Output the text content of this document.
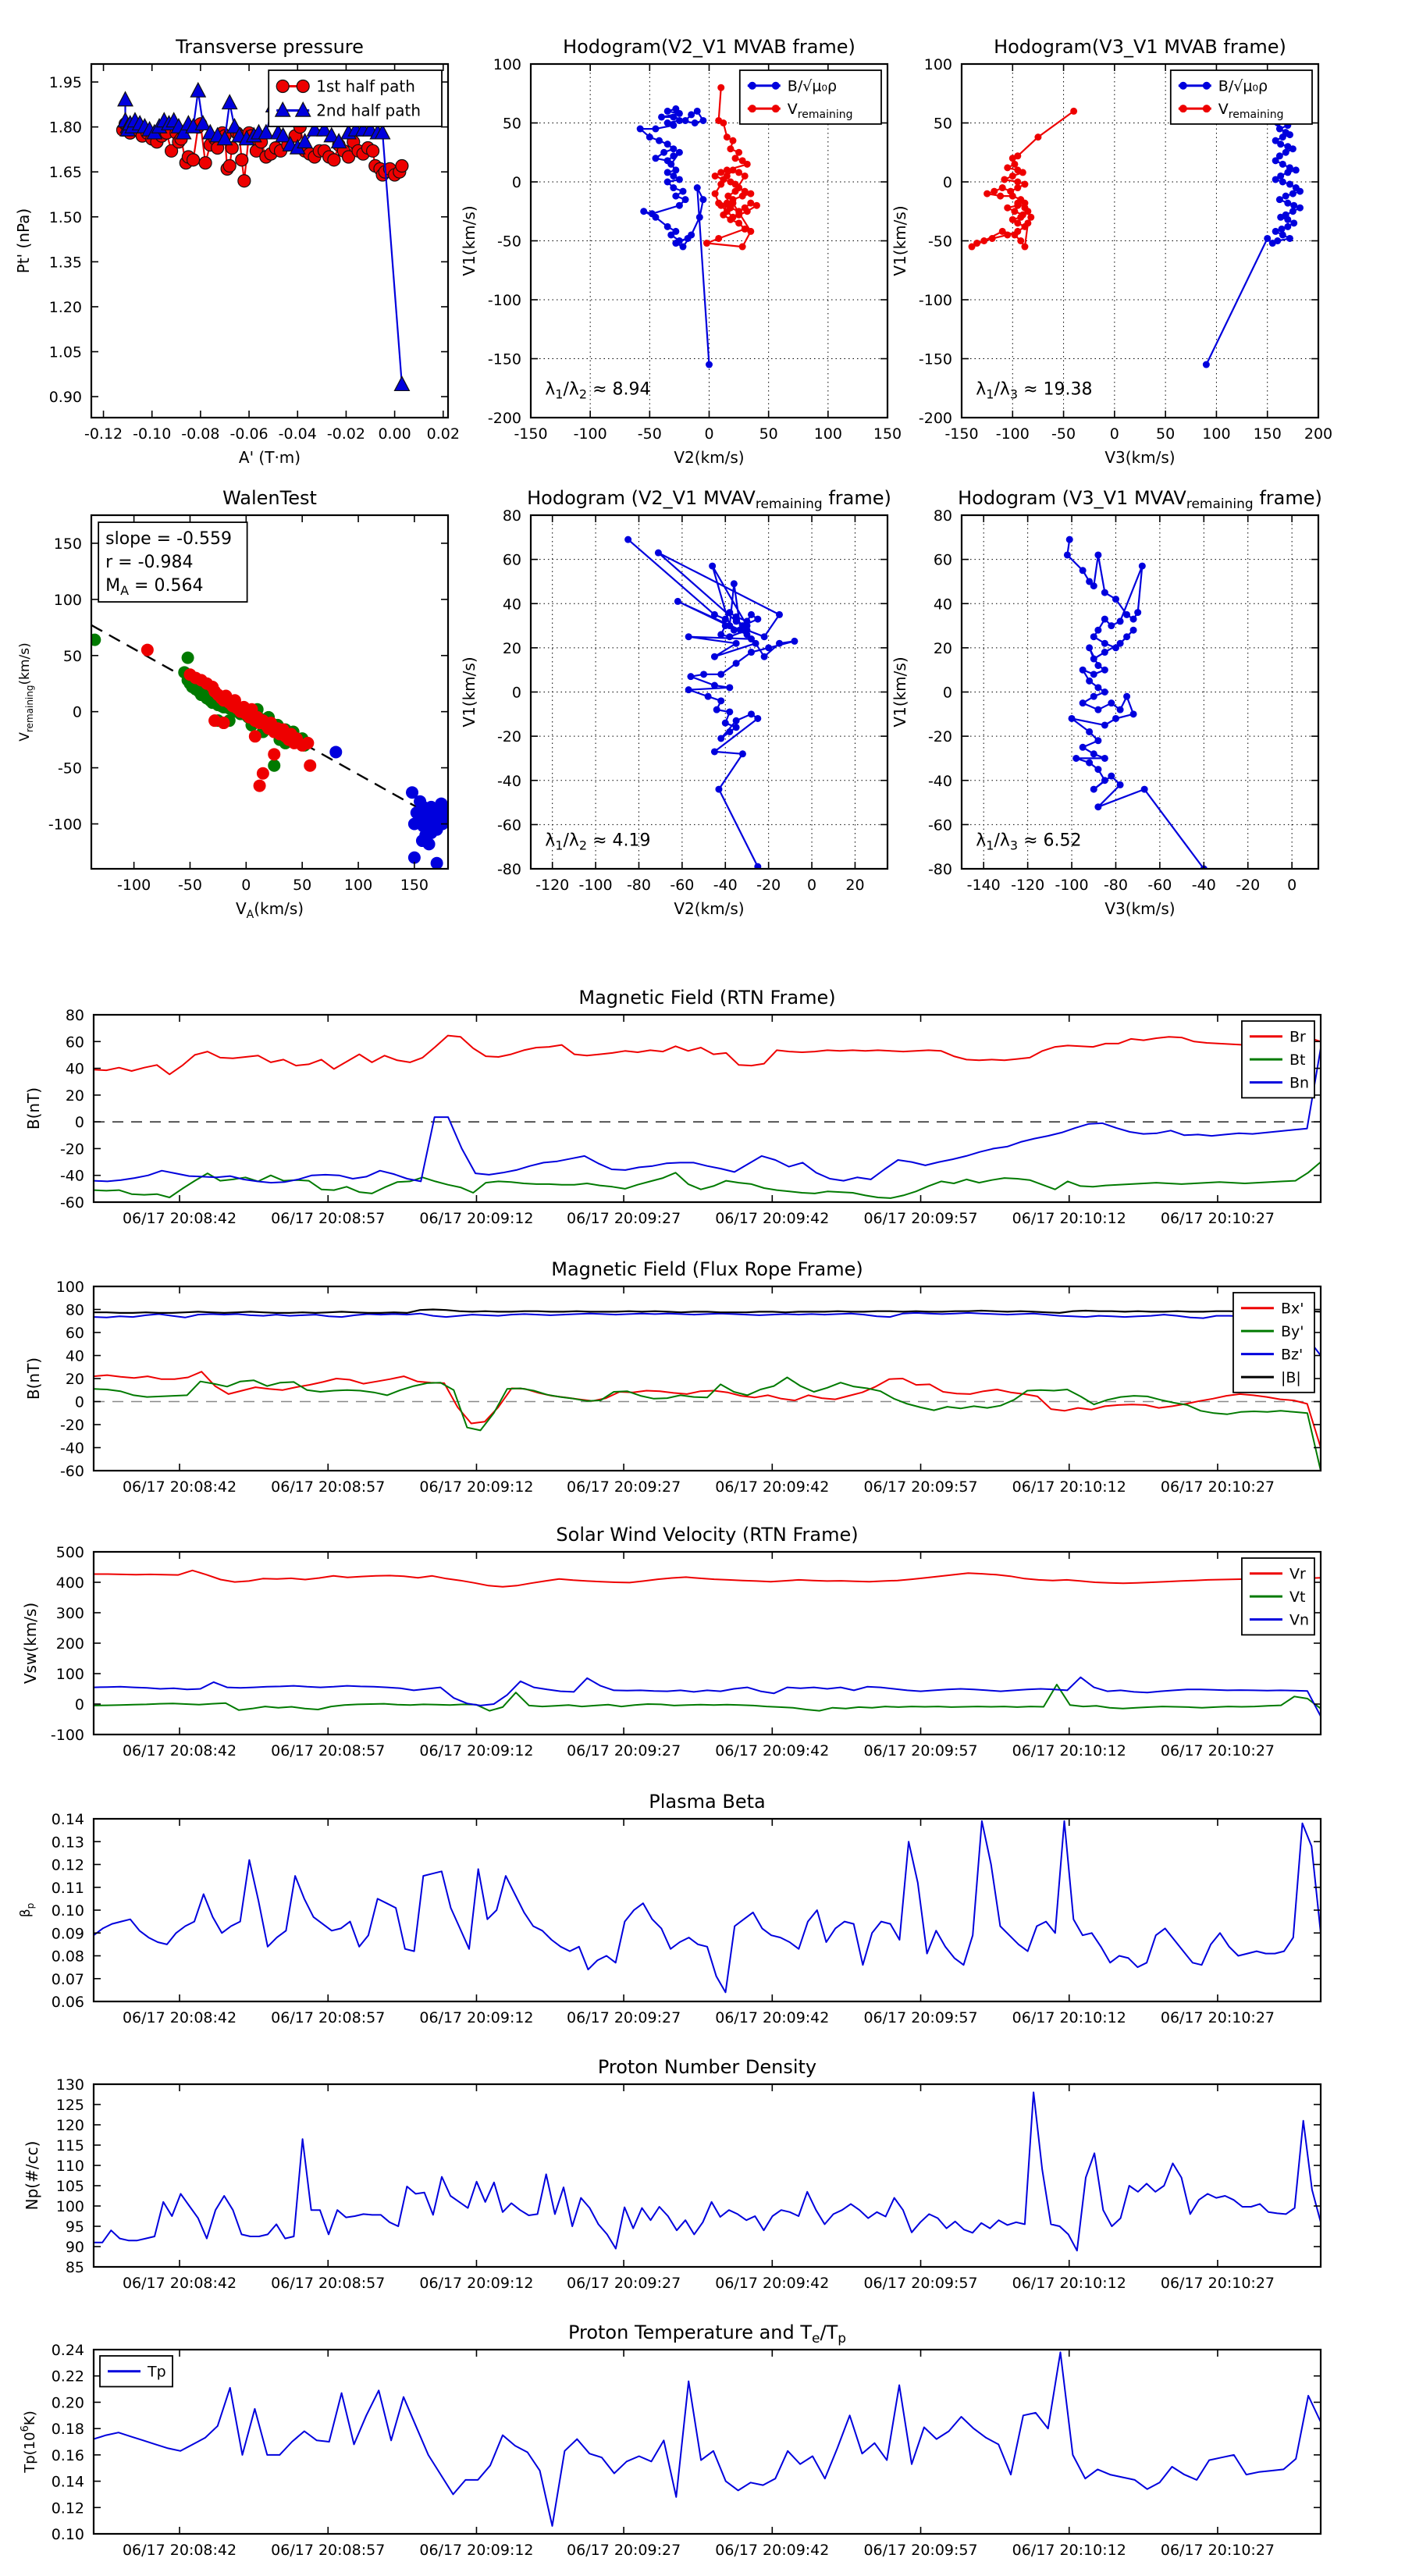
-0.12 -0.10 -0.08 -0.06 -0.04 -0.02 0.00 0.02
0.90
1.05
1.20
1.35
1.50
1.65
1.80
1.95
Transverse pressure
A' (T·m)
Pt' (nPa)
1st half path
2nd half path
-150 -100 -50	0	50 100 150
-200
-150
-100
-50
0
50
100
Hodogram(V2_V1 MVAB frame)
V2(km/s)
V1(km/s)
B/√μ₀ρ
$V_{remaining}$
$\lambda_1/\lambda_2 \approx 8.94$
-150 -100 -50 0 50 100 150 200
-200
-150
-100
-50
0
50
100
Hodogram(V3_V1 MVAB frame)
V3(km/s)
V1(km/s)
B/√μ₀ρ
$V_{remaining}$
$\lambda_1/\lambda_3 \approx 19.38$
-100 -50	0	50 100 150
-100
-50
0
50
100
150
WalenTest
$V_A(km/s)$
$V_{remaining}(km/s)$
slope = -0.559
r = -0.984
$M_A = 0.564$
-120 -100 -80 -60 -40 -20 0 20
-80
-60
-40
-20
0
20
40
60
80
Hodogram (V2_V1 $MVAV_{remaining}$ frame)
V2(km/s)
V1(km/s)
$\lambda_1/\lambda_2 \approx 4.19$
-140 -120 -100 -80 -60 -40 -20 0
-80
-60
-40
-20
0
20
40
60
80
Hodogram (V3_V1 $MVAV_{remaining}$ frame)
V3(km/s)
V1(km/s)
$\lambda_1/\lambda_3 \approx 6.52$
06/17 20:08:42 06/17 20:08:57 06/17 20:09:12 06/17 20:09:27 06/17 20:09:42 06/17 20:09:57 06/17 20:10:12 06/17 20:10:27
-60
-40
-20
0
20
40
60
80
Magnetic Field (RTN Frame)
B(nT)
Br
Bt
Bn
06/17 20:08:42 06/17 20:08:57 06/17 20:09:12 06/17 20:09:27 06/17 20:09:42 06/17 20:09:57 06/17 20:10:12 06/17 20:10:27
-60
-40
-20
0
20
40
60
80
100
Magnetic Field (Flux Rope Frame)
B(nT)
Bx'
By'
Bz'
|B|
06/17 20:08:42 06/17 20:08:57 06/17 20:09:12 06/17 20:09:27 06/17 20:09:42 06/17 20:09:57 06/17 20:10:12 06/17 20:10:27
-100
0
100
200
300
400
500
Solar Wind Velocity (RTN Frame)
Vsw(km/s)
Vr
Vt
Vn
06/17 20:08:42 06/17 20:08:57 06/17 20:09:12 06/17 20:09:27 06/17 20:09:42 06/17 20:09:57 06/17 20:10:12 06/17 20:10:27
0.06
0.07
0.08
0.09
0.10
0.11
0.12
0.13
0.14
Plasma Beta
$\beta_p$
06/17 20:08:42 06/17 20:08:57 06/17 20:09:12 06/17 20:09:27 06/17 20:09:42 06/17 20:09:57 06/17 20:10:12 06/17 20:10:27
85
90
95
100
105
110
115
120
125
130
Proton Number Density
Np(#/cc)
06/17 20:08:42 06/17 20:08:57 06/17 20:09:12 06/17 20:09:27 06/17 20:09:42 06/17 20:09:57 06/17 20:10:12 06/17 20:10:27
0.10
0.12
0.14
0.16
0.18
0.20
0.22
0.24
Proton Temperature and $T_e/T_p$
$Tp(10^6K)$
Tp
